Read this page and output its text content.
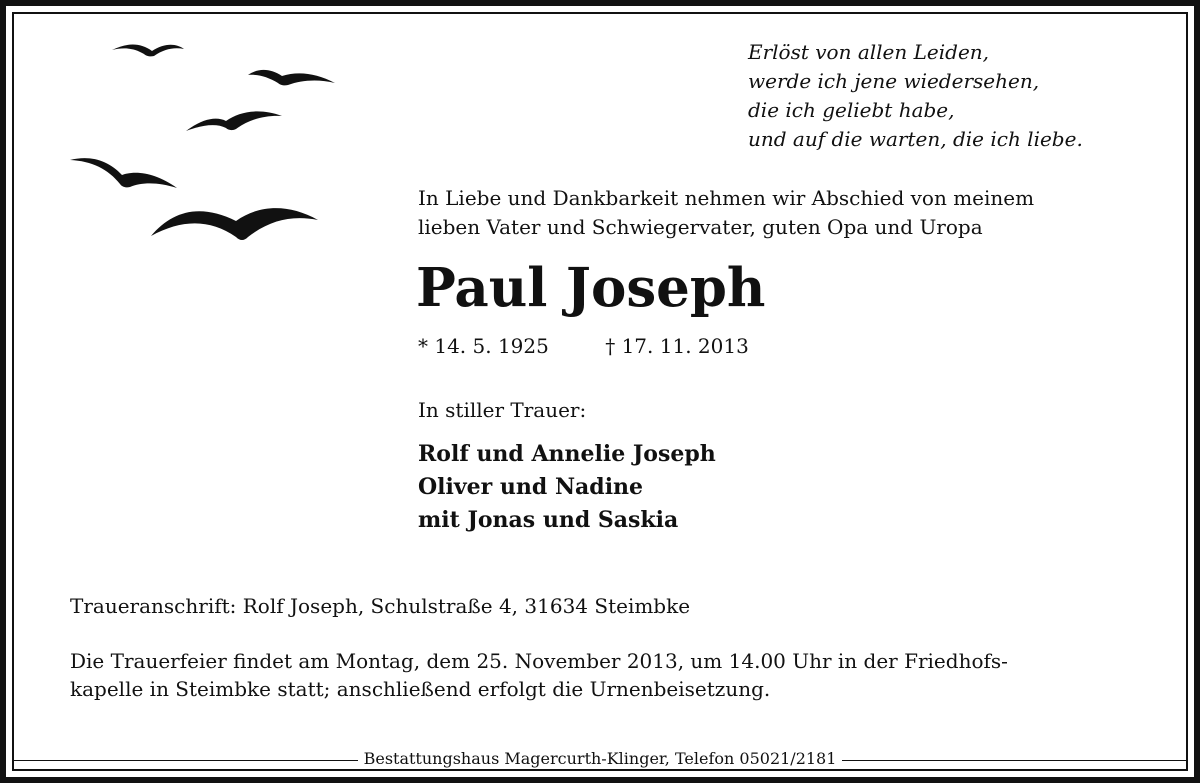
Erlöst von allen Leiden,
werde ich jene wiedersehen,
die ich geliebt habe,
und auf die warten, die ich liebe.
In Liebe und Dankbarkeit nehmen wir Abschied von meinem
lieben Vater und Schwiegervater, guten Opa und Uropa
Paul Joseph
* 14. 5. 1925	† 17. 11. 2013
In stiller Trauer:
Rolf und Annelie Joseph
Oliver und Nadine
mit Jonas und Saskia
Traueranschrift: Rolf Joseph, Schulstraße 4, 31634 Steimbke
Die Trauerfeier findet am Montag, dem 25. November 2013, um 14.00 Uhr in der Friedhofs-
kapelle in Steimbke statt; anschließend erfolgt die Urnenbeisetzung.
Bestattungshaus Magercurth-Klinger, Telefon 05021/2181
